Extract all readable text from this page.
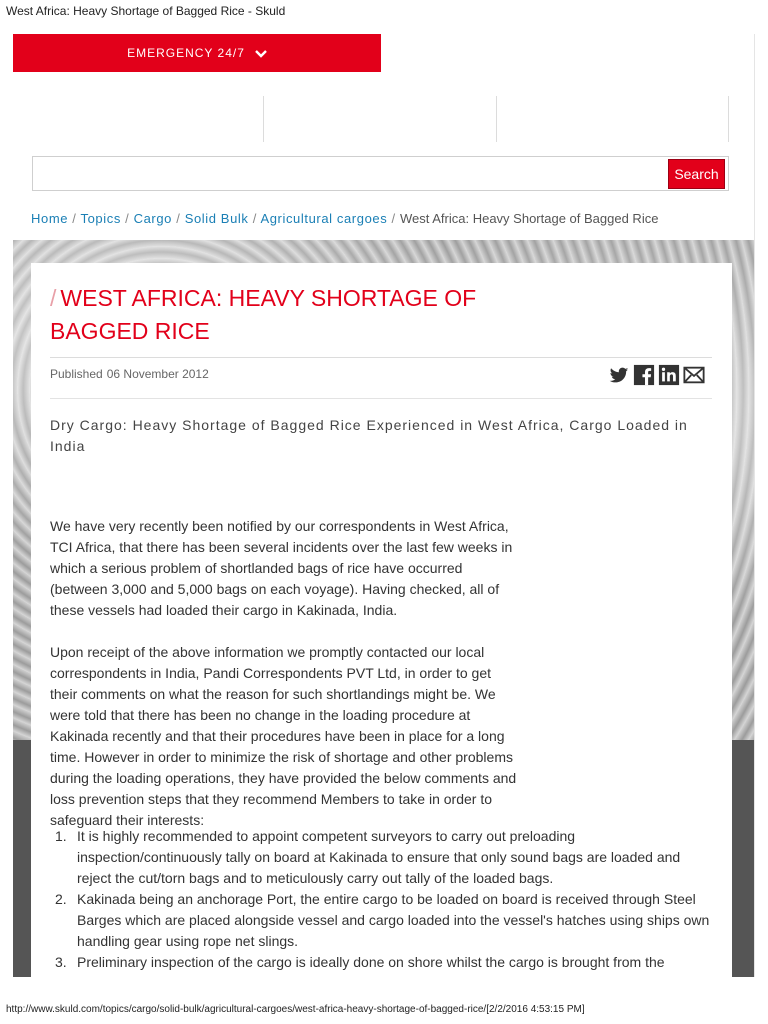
West Africa: Heavy Shortage of Bagged Rice - Skuld
EMERGENCY 24/7
Search
Home / Topics / Cargo / Solid Bulk / Agricultural cargoes / West Africa: Heavy Shortage of Bagged Rice
/ WEST AFRICA: HEAVY SHORTAGE OF BAGGED RICE
Published 06 November 2012
Dry Cargo: Heavy Shortage of Bagged Rice Experienced in West Africa, Cargo Loaded in India

We have very recently been notified by our correspondents in West Africa, TCI Africa, that there has been several incidents over the last few weeks in which a serious problem of shortlanded bags of rice have occurred (between 3,000 and 5,000 bags on each voyage). Having checked, all of these vessels had loaded their cargo in Kakinada, India.

Upon receipt of the above information we promptly contacted our local correspondents in India, Pandi Correspondents PVT Ltd, in order to get their comments on what the reason for such shortlandings might be. We were told that there has been no change in the loading procedure at Kakinada recently and that their procedures have been in place for a long time. However in order to minimize the risk of shortage and other problems during the loading operations, they have provided the below comments and loss prevention steps that they recommend Members to take in order to safeguard their interests:

1. It is highly recommended to appoint competent surveyors to carry out preloading inspection/continuously tally on board at Kakinada to ensure that only sound bags are loaded and reject the cut/torn bags and to meticulously carry out tally of the loaded bags.
2. Kakinada being an anchorage Port, the entire cargo to be loaded on board is received through Steel Barges which are placed alongside vessel and cargo loaded into the vessel's hatches using ships own handling gear using rope net slings.
3. Preliminary inspection of the cargo is ideally done on shore whilst the cargo is brought from the
http://www.skuld.com/topics/cargo/solid-bulk/agricultural-cargoes/west-africa-heavy-shortage-of-bagged-rice/[2/2/2016 4:53:15 PM]
